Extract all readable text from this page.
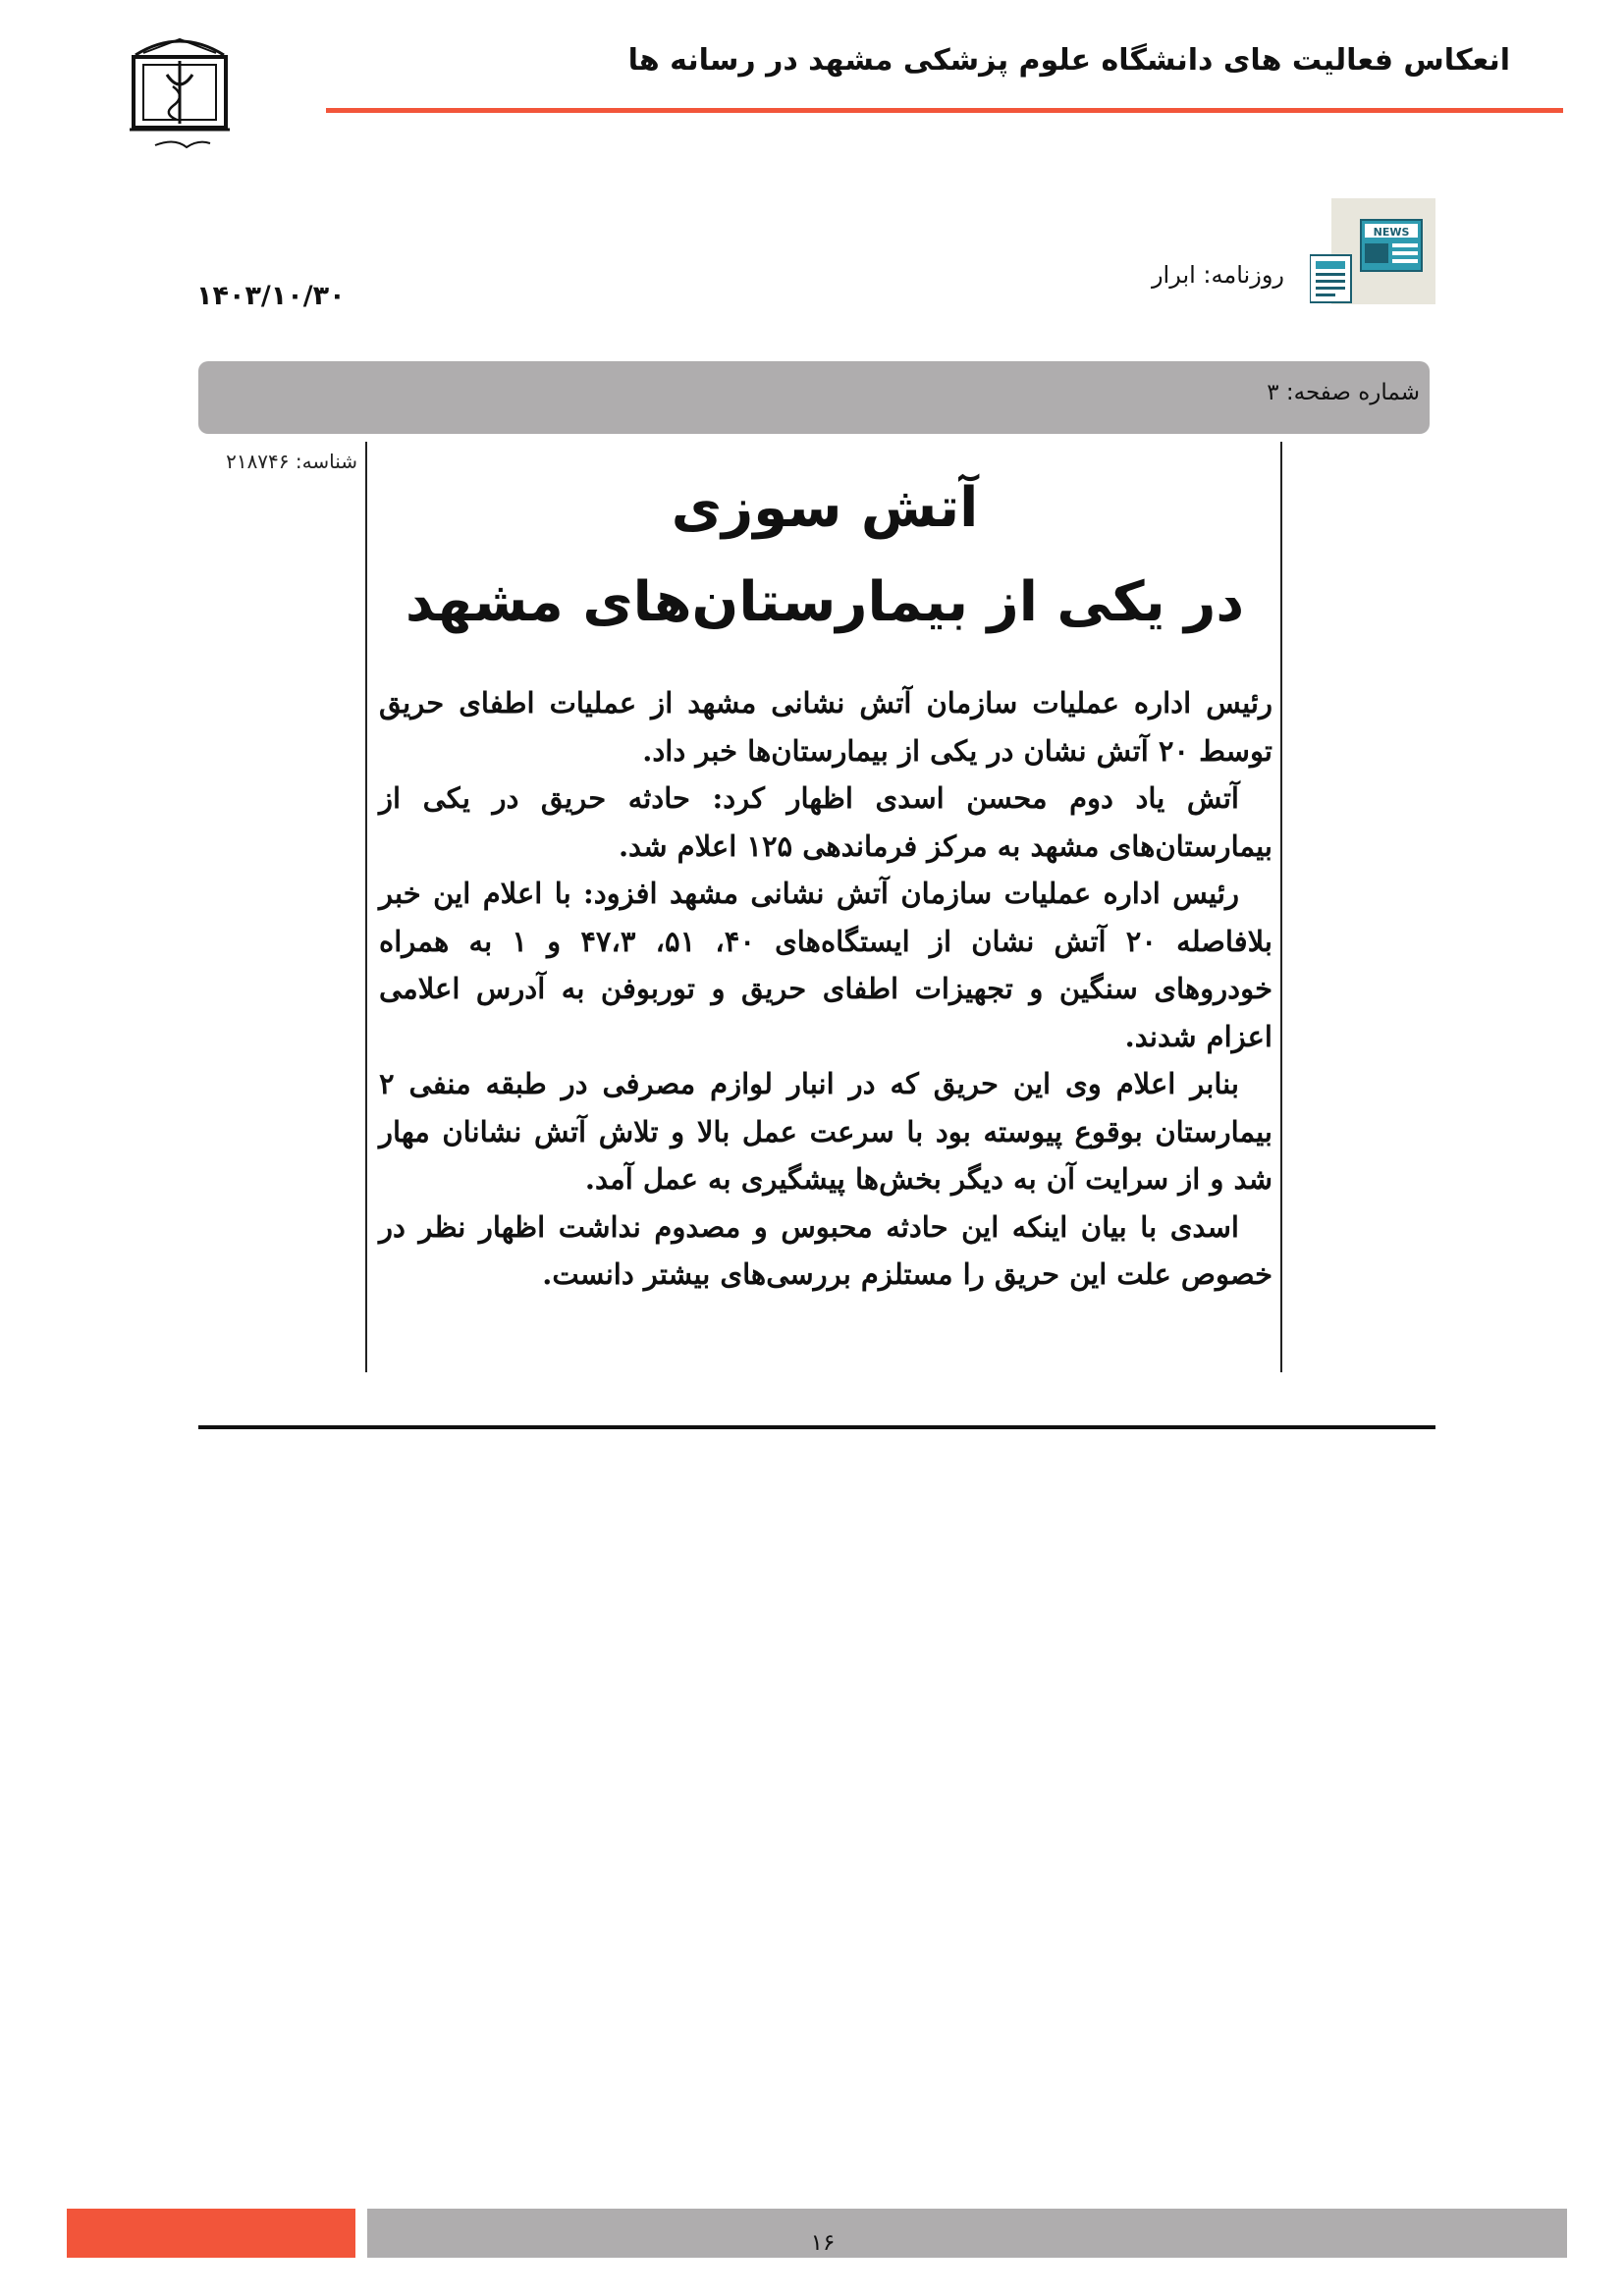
انعکاس فعالیت های دانشگاه علوم پزشکی مشهد در رسانه ها
NEWS
روزنامه: ابرار
۱۴۰۳/۱۰/۳۰
شماره صفحه: ۳
شناسه: ۲۱۸۷۴۶
آتش سوزی
در یکی از بیمارستان‌های مشهد

رئیس اداره عملیات سازمان آتش نشانی مشهد از عملیات اطفای حریق توسط ۲۰ آتش نشان در یکی از بیمارستان‌ها خبر داد.

آتش یاد دوم محسن اسدی اظهار کرد: حادثه حریق در یکی از بیمارستان‌های مشهد به مرکز فرماندهی ۱۲۵ اعلام شد.

رئیس اداره عملیات سازمان آتش نشانی مشهد افزود: با اعلام این خبر بلافاصله ۲۰ آتش نشان از ایستگاه‌های ۴۰، ۵۱، ۴۷،۳ و ۱ به همراه خودروهای سنگین و تجهیزات اطفای حریق و توربوفن به آدرس اعلامی اعزام شدند.

بنابر اعلام وی این حریق که در انبار لوازم مصرفی در طبقه منفی ۲ بیمارستان بوقوع پیوسته بود با سرعت عمل بالا و تلاش آتش نشانان مهار شد و از سرایت آن به دیگر بخش‌ها پیشگیری به عمل آمد.

اسدی با بیان اینکه این حادثه محبوس و مصدوم نداشت اظهار نظر در خصوص علت این حریق را مستلزم بررسی‌های بیشتر دانست.

۱۶
